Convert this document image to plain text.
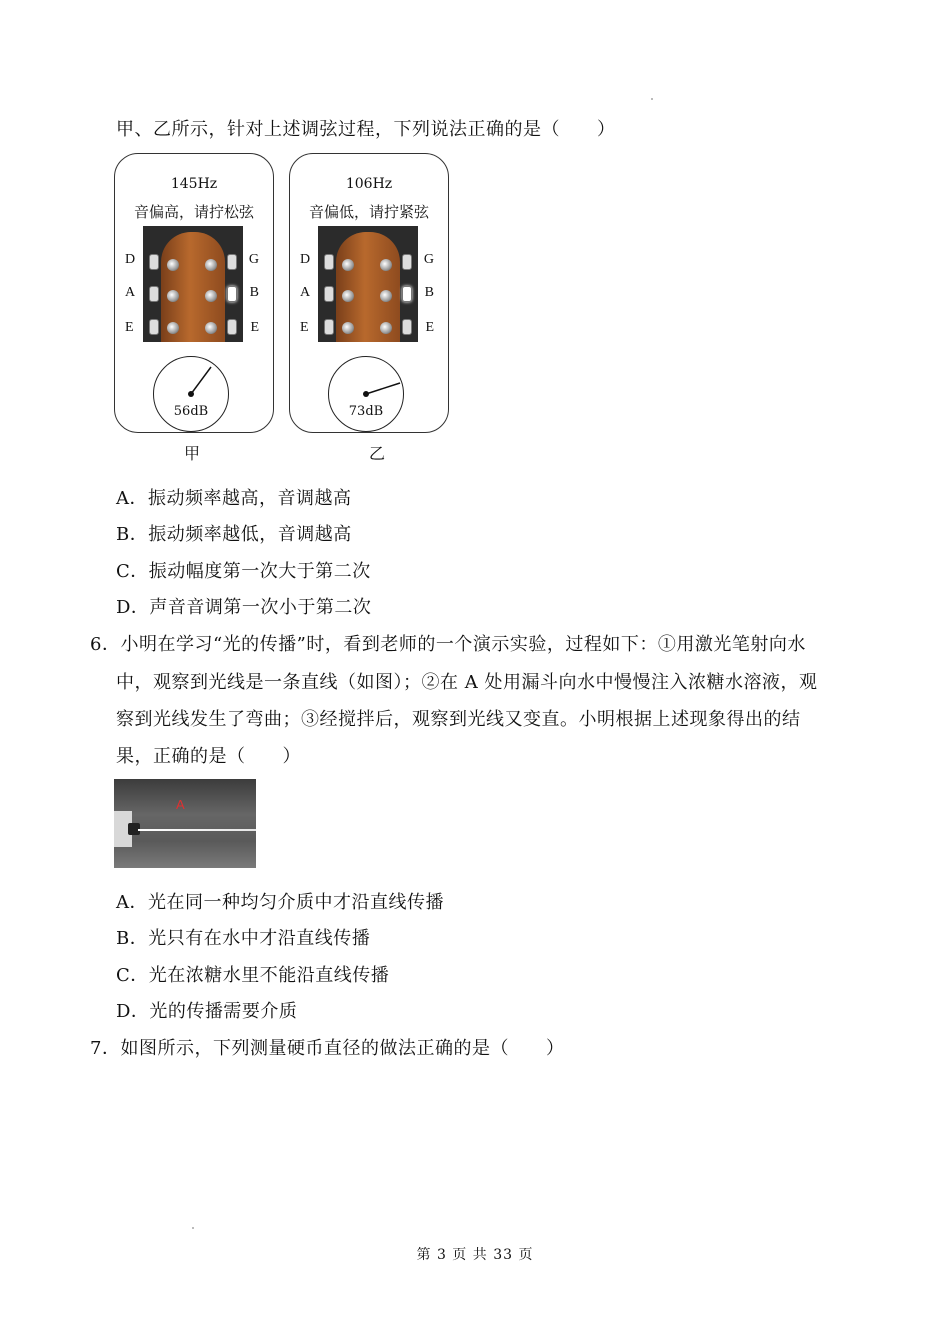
甲、乙所示，针对上述调弦过程，下列说法正确的是（　　）
145Hz
音偏高，请拧松弦
D
A
E
G
B
E
56dB
甲
106Hz
音偏低，请拧紧弦
D
A
E
G
B
E
73dB
乙
A．振动频率越高，音调越高
B．振动频率越低，音调越高
C．振动幅度第一次大于第二次
D．声音音调第一次小于第二次
6．小明在学习“光的传播”时，看到老师的一个演示实验，过程如下：①用激光笔射向水
中，观察到光线是一条直线（如图）；②在 A 处用漏斗向水中慢慢注入浓糖水溶液，观
察到光线发生了弯曲；③经搅拌后，观察到光线又变直。小明根据上述现象得出的结
果，正确的是（　　）
A
A．光在同一种均匀介质中才沿直线传播
B．光只有在水中才沿直线传播
C．光在浓糖水里不能沿直线传播
D．光的传播需要介质
7．如图所示，下列测量硬币直径的做法正确的是（　　）
第 3 页 共 33 页
